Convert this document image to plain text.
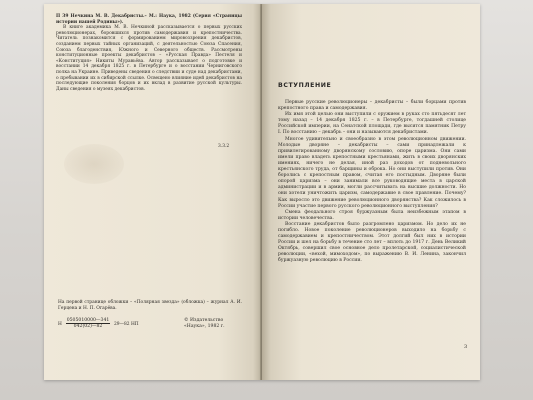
П 39 Нечкина М. В. Декабристы.– М.: Наука, 1982 (Серия «Страницы истории нашей Родины»).

В книге академика М. В. Нечкиной рассказывается о первых русских революционерах, боровшихся против самодержавия и крепостничества. Читатель познакомится с формированием мировоззрения декабристов, созданием первых тайных организаций, с деятельностью Союза Спасения, Союза благоденствия, Южного и Северного обществ. Рассмотрены конституционные проекты декабристов – «Русская Правда» Пестеля и «Конституция» Никиты Муравьёва. Автор рассказывает о подготовке и восстании 14 декабря 1825 г. в Петербурге и о восстании Черниговского полка на Украине. Приведены сведения о следствии и суде над декабристами, о пребывании их в сибирской ссылке. Освещено влияние идей декабристов на последующие поколения борцов и их вклад в развитие русской культуры. Даны сведения о музеях декабристов.

3.3.2
На первой странице обложки – «Полярная звезда» (обложка) – журнал А. И. Герцена и Н. П. Огарёва.
Н $\frac{0505010000—341}{042(02)—82}$ 29—82 НП
© Издательство
«Наука», 1982 г.
ВСТУПЛЕНИЕ

Первые русские революционеры – декабристы – были борцами против крепостного права и самодержавия.

Их имя этой целью они выступили с оружием в руках сто пятьдесят лет тому назад – 14 декабря 1825 г. – в Петербурге, тогдашней столице Российской империи, на Сенатской площади, где высится памятник Петру I. По восстанию – декабрь – они и называются декабристами.

Многое удивительно и своеобразно в этом революционном движении. Молодые дворяне – декабристы – сами принадлежали к привилегированному дворянскому сословию, опоре царизма. Они сами имели право владеть крепостными крестьянами, жить в своих дворянских имениях, ничего не делая, иной раз доходов от подневольного крестьянского труда, от барщины и оброка. Но они выступили против. Они боролись с крепостным правом, считая его постыдным. Дворяне были опорой царизма – они занимали все руководящие места в царской администрации и в армии, могли рассчитывать на высшие должности. Но они хотели уничтожить царизм, самодержавие в свое правление. Почему? Как выросло это движение революционного дворянства? Как сложилось в России участие первого русского революционного выступления?

Смена феодального строя буржуазным была неизбежным этапом в истории человечества.

Восстание декабристов было разгромлено царизмом. Но дело их не погибло. Новое поколение революционеров выходило на борьбу с самодержавием и крепостничеством. Этот долгий был них в истории России и шел на борьбу в течение сто лет – вплоть до 1917 г. День Великий Октябрь, совершил свое основное дело пролетарской, социалистической революции, «вехой, мимоходом», по выражению В. И. Ленина, закончил буржуазную революцию в России.

3
